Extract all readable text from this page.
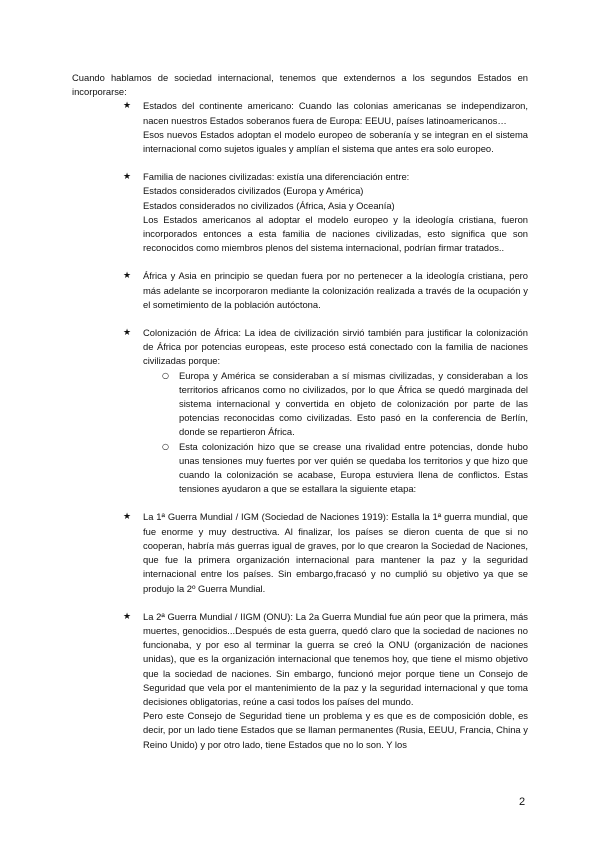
Cuando hablamos de sociedad internacional, tenemos que extendernos a los segundos Estados en incorporarse:

★ Estados del continente americano: Cuando las colonias americanas se independizaron, nacen nuestros Estados soberanos fuera de Europa: EEUU, países latinoamericanos…

Esos nuevos Estados adoptan el modelo europeo de soberanía y se integran en el sistema internacional como sujetos iguales y amplían el sistema que antes era solo europeo.

★ Familia de naciones civilizadas: existía una diferenciación entre:

Estados considerados civilizados (Europa y América)

Estados considerados no civilizados (África, Asia y Oceanía)

Los Estados americanos al adoptar el modelo europeo y la ideología cristiana, fueron incorporados entonces a esta familia de naciones civilizadas, esto significa que son reconocidos como miembros plenos del sistema internacional, podrían firmar tratados..

★ África y Asia en principio se quedan fuera por no pertenecer a la ideología cristiana, pero más adelante se incorporaron mediante la colonización realizada a través de la ocupación y el sometimiento de la población autóctona.

★ Colonización de África: La idea de civilización sirvió también para justificar la colonización de África por potencias europeas, este proceso está conectado con la familia de naciones civilizadas porque:

○ Europa y América se consideraban a sí mismas civilizadas, y consideraban a los territorios africanos como no civilizados, por lo que África se quedó marginada del sistema internacional y convertida en objeto de colonización por parte de las potencias reconocidas como civilizadas. Esto pasó en la conferencia de Berlín, donde se repartieron África.

○ Esta colonización hizo que se crease una rivalidad entre potencias, donde hubo unas tensiones muy fuertes por ver quién se quedaba los territorios y que hizo que cuando la colonización se acabase, Europa estuviera llena de conflictos. Estas tensiones ayudaron a que se estallara la siguiente etapa:

★ La 1ª Guerra Mundial / IGM (Sociedad de Naciones 1919): Estalla la 1ª guerra mundial, que fue enorme y muy destructiva. Al finalizar, los países se dieron cuenta de que si no cooperan, habría más guerras igual de graves, por lo que crearon la Sociedad de Naciones, que fue la primera organización internacional para mantener la paz y la seguridad internacional entre los países. Sin embargo,fracasó y no cumplió su objetivo ya que se produjo la 2º Guerra Mundial.

★ La 2ª Guerra Mundial / IIGM (ONU): La 2a Guerra Mundial fue aún peor que la primera, más muertes, genocidios...Después de esta guerra, quedó claro que la sociedad de naciones no funcionaba, y por eso al terminar la guerra se creó la ONU (organización de naciones unidas), que es la organización internacional que tenemos hoy, que tiene el mismo objetivo que la sociedad de naciones. Sin embargo, funcionó mejor porque tiene un Consejo de Seguridad que vela por el mantenimiento de la paz y la seguridad internacional y que toma decisiones obligatorias, reúne a casi todos los países del mundo.

Pero este Consejo de Seguridad tiene un problema y es que es de composición doble, es decir, por un lado tiene Estados que se llaman permanentes (Rusia, EEUU, Francia, China y Reino Unido) y por otro lado, tiene Estados que no lo son. Y los

2
